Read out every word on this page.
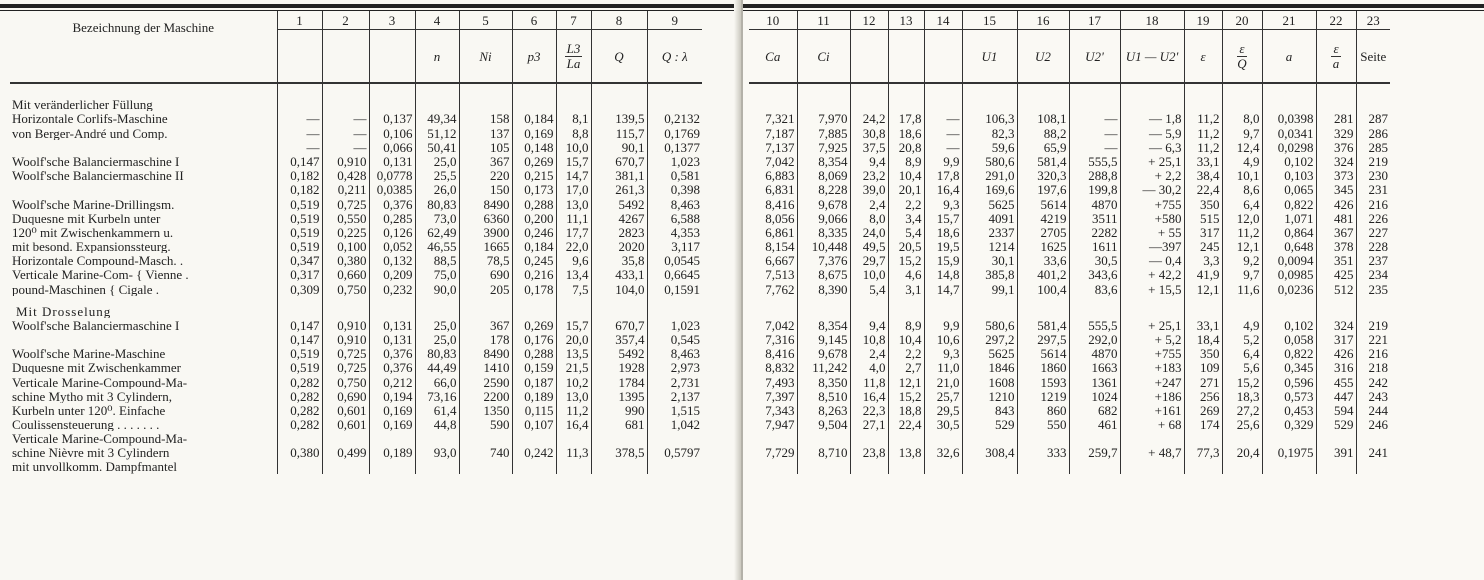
Bezeichnung der Maschine	1	2	3	4	5	6	7	8	9
				n	Ni	p3	$\frac{L3}{La}$	Q	Q : λ

Mit veränderlicher Füllung									
Horizontale Corlifs-Maschine	—	—	0,137	49,34	158	0,184	8,1	139,5	0,2132
von Berger-André und Comp.	—	—	0,106	51,12	137	0,169	8,8	115,7	0,1769
	—	—	0,066	50,41	105	0,148	10,0	90,1	0,1377
Woolf'sche Balanciermaschine I	0,147	0,910	0,131	25,0	367	0,269	15,7	670,7	1,023
Woolf'sche Balanciermaschine II	0,182	0,428	0,0778	25,5	220	0,215	14,7	381,1	0,581
	0,182	0,211	0,0385	26,0	150	0,173	17,0	261,3	0,398
Woolf'sche Marine-Drillingsm.	0,519	0,725	0,376	80,83	8490	0,288	13,0	5492	8,463
Duquesne mit Kurbeln unter	0,519	0,550	0,285	73,0	6360	0,200	11,1	4267	6,588
120⁰ mit Zwischenkammern u.	0,519	0,225	0,126	62,49	3900	0,246	17,7	2823	4,353
mit besond. Expansionssteurg.	0,519	0,100	0,052	46,55	1665	0,184	22,0	2020	3,117
Horizontale Compound-Masch. .	0,347	0,380	0,132	88,5	78,5	0,245	9,6	35,8	0,0545
Verticale Marine-Com- { Vienne .	0,317	0,660	0,209	75,0	690	0,216	13,4	433,1	0,6645
pound-Maschinen { Cigale .	0,309	0,750	0,232	90,0	205	0,178	7,5	104,0	0,1591
Mit Drosselung									
Woolf'sche Balanciermaschine I	0,147	0,910	0,131	25,0	367	0,269	15,7	670,7	1,023
	0,147	0,910	0,131	25,0	178	0,176	20,0	357,4	0,545
Woolf'sche Marine-Maschine	0,519	0,725	0,376	80,83	8490	0,288	13,5	5492	8,463
Duquesne mit Zwischenkammer	0,519	0,725	0,376	44,49	1410	0,159	21,5	1928	2,973
Verticale Marine-Compound-Ma-	0,282	0,750	0,212	66,0	2590	0,187	10,2	1784	2,731
schine Mytho mit 3 Cylindern,	0,282	0,690	0,194	73,16	2200	0,189	13,0	1395	2,137
Kurbeln unter 120⁰. Einfache	0,282	0,601	0,169	61,4	1350	0,115	11,2	990	1,515
Coulissensteuerung . . . . . . .	0,282	0,601	0,169	44,8	590	0,107	16,4	681	1,042

Verticale Marine-Compound-Ma-
schine Nièvre mit 3 Cylindern
mit unvollkomm. Dampfmantel	0,380	0,499	0,189	93,0	740	0,242	11,3	378,5	0,5797
10	11	12	13	14	15	16	17	18	19	20	21	22	23
Ca	Ci				U1	U2	U2'	U1 — U2'	ε	$\frac{\varepsilon}{Q}$	a	$\frac{\varepsilon}{a}$	Seite

7,321	7,970	24,2	17,8	—	106,3	108,1	—	— 1,8	11,2	8,0	0,0398	281	287
7,187	7,885	30,8	18,6	—	82,3	88,2	—	— 5,9	11,2	9,7	0,0341	329	286
7,137	7,925	37,5	20,8	—	59,6	65,9	—	— 6,3	11,2	12,4	0,0298	376	285
7,042	8,354	9,4	8,9	9,9	580,6	581,4	555,5	+ 25,1	33,1	4,9	0,102	324	219
6,883	8,069	23,2	10,4	17,8	291,0	320,3	288,8	+ 2,2	38,4	10,1	0,103	373	230
6,831	8,228	39,0	20,1	16,4	169,6	197,6	199,8	— 30,2	22,4	8,6	0,065	345	231
8,416	9,678	2,4	2,2	9,3	5625	5614	4870	+755	350	6,4	0,822	426	216
8,056	9,066	8,0	3,4	15,7	4091	4219	3511	+580	515	12,0	1,071	481	226
6,861	8,335	24,0	5,4	18,6	2337	2705	2282	+ 55	317	11,2	0,864	367	227
8,154	10,448	49,5	20,5	19,5	1214	1625	1611	—397	245	12,1	0,648	378	228
6,667	7,376	29,7	15,2	15,9	30,1	33,6	30,5	— 0,4	3,3	9,2	0,0094	351	237
7,513	8,675	10,0	4,6	14,8	385,8	401,2	343,6	+ 42,2	41,9	9,7	0,0985	425	234
7,762	8,390	5,4	3,1	14,7	99,1	100,4	83,6	+ 15,5	12,1	11,6	0,0236	512	235

7,042	8,354	9,4	8,9	9,9	580,6	581,4	555,5	+ 25,1	33,1	4,9	0,102	324	219
7,316	9,145	10,8	10,4	10,6	297,2	297,5	292,0	+ 5,2	18,4	5,2	0,058	317	221
8,416	9,678	2,4	2,2	9,3	5625	5614	4870	+755	350	6,4	0,822	426	216
8,832	11,242	4,0	2,7	11,0	1846	1860	1663	+183	109	5,6	0,345	316	218
7,493	8,350	11,8	12,1	21,0	1608	1593	1361	+247	271	15,2	0,596	455	242
7,397	8,510	16,4	15,2	25,7	1210	1219	1024	+186	256	18,3	0,573	447	243
7,343	8,263	22,3	18,8	29,5	843	860	682	+161	269	27,2	0,453	594	244
7,947	9,504	27,1	22,4	30,5	529	550	461	+ 68	174	25,6	0,329	529	246
7,729	8,710	23,8	13,8	32,6	308,4	333	259,7	+ 48,7	77,3	20,4	0,1975	391	241
